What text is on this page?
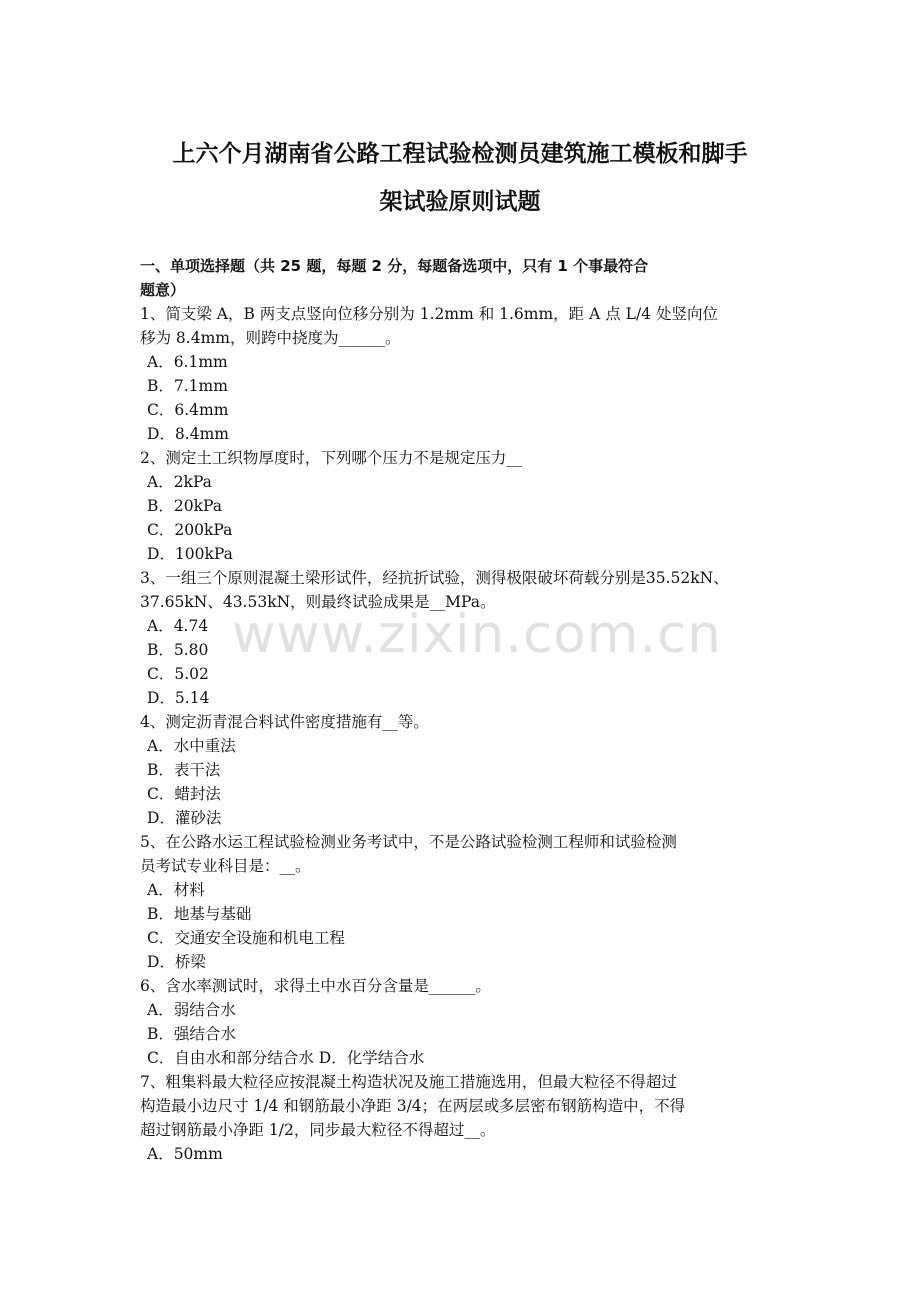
上六个月湖南省公路工程试验检测员建筑施工模板和脚手
架试验原则试题
一、单项选择题（共 25 题，每题 2 分，每题备选项中，只有 1 个事最符合
题意）
1、简支梁 A，B 两支点竖向位移分别为 1.2mm 和 1.6mm，距 A 点 L/4 处竖向位
移为 8.4mm，则跨中挠度为______。
A．6.1mm
B．7.1mm
C．6.4mm
D．8.4mm
2、测定土工织物厚度时，下列哪个压力不是规定压力__
A．2kPa
B．20kPa
C．200kPa
D．100kPa
3、一组三个原则混凝土梁形试件，经抗折试验，测得极限破坏荷载分别是35.52kN、
37.65kN、43.53kN，则最终试验成果是__MPa。
A．4.74
B．5.80
C．5.02
D．5.14
4、测定沥青混合料试件密度措施有__等。
A．水中重法
B．表干法
C．蜡封法
D．灌砂法
5、在公路水运工程试验检测业务考试中，不是公路试验检测工程师和试验检测
员考试专业科目是：__。
A．材料
B．地基与基础
C．交通安全设施和机电工程
D．桥梁
6、含水率测试时，求得土中水百分含量是______。
A．弱结合水
B．强结合水
C．自由水和部分结合水 D．化学结合水
7、粗集料最大粒径应按混凝土构造状况及施工措施选用，但最大粒径不得超过
构造最小边尺寸 1/4 和钢筋最小净距 3/4；在两层或多层密布钢筋构造中，不得
超过钢筋最小净距 1/2，同步最大粒径不得超过__。
A．50mm
www.zixin.com.cn
